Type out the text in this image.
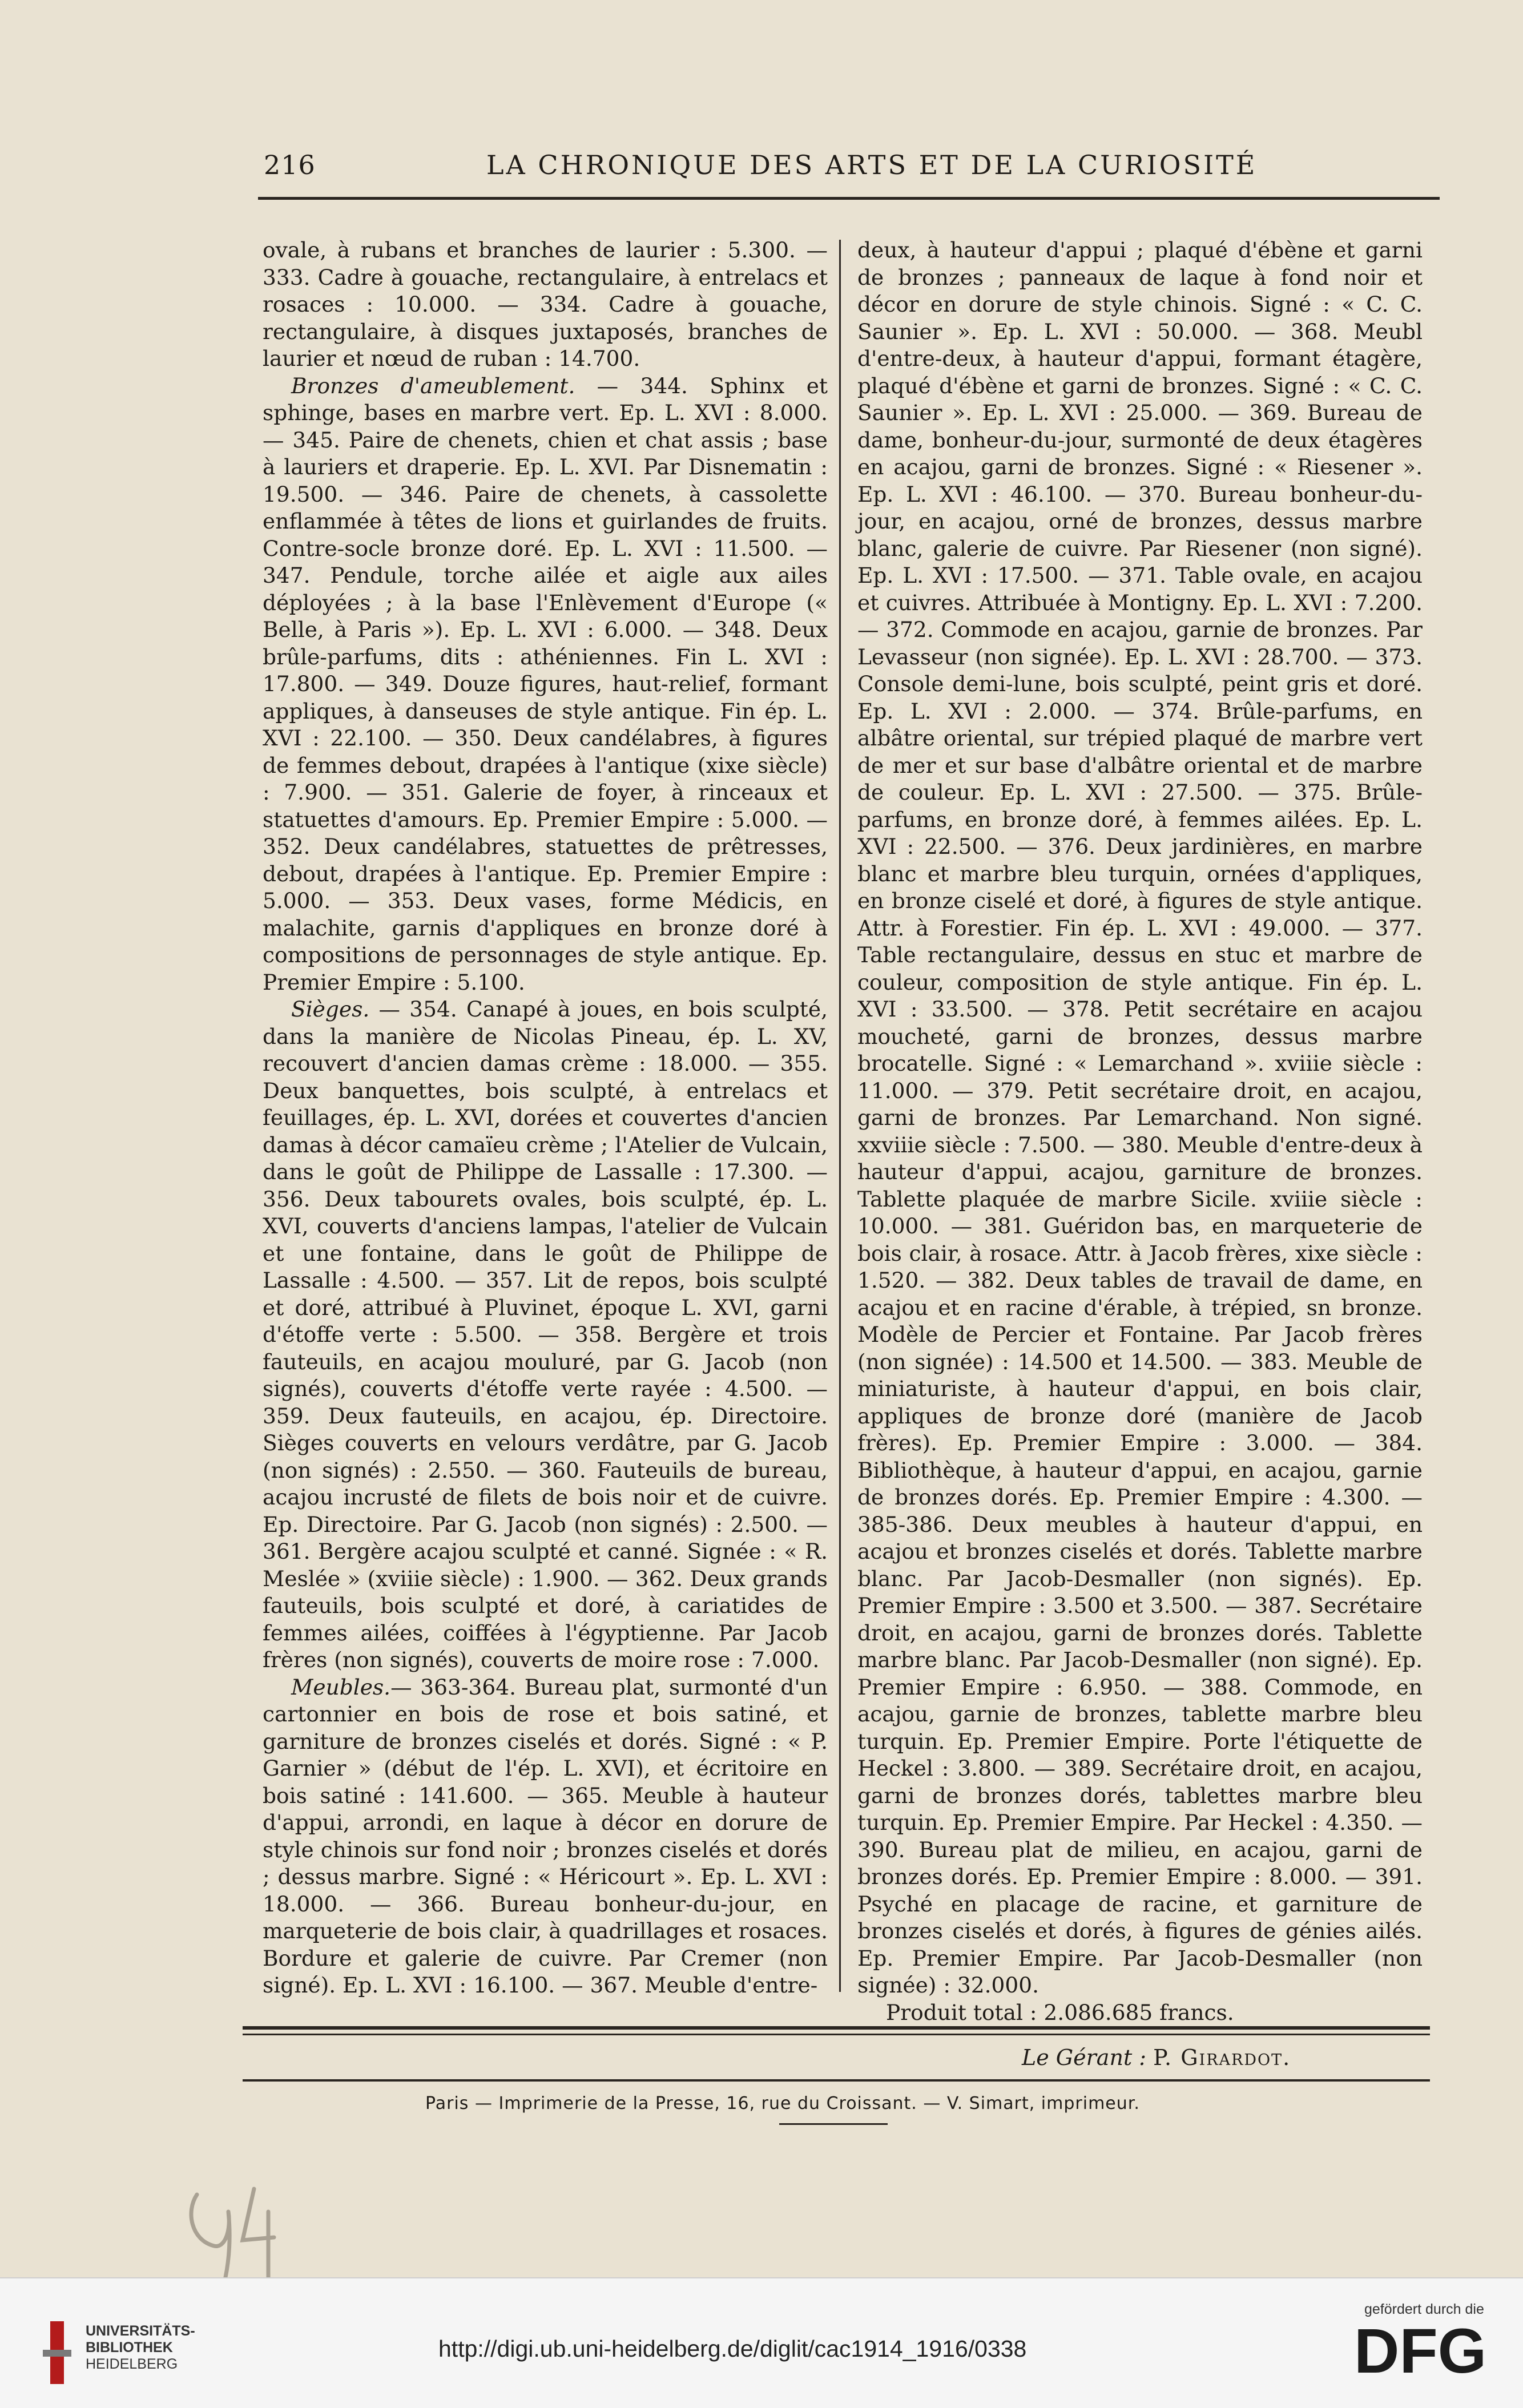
216	LA CHRONIQUE DES ARTS ET DE LA CURIOSITÉ

ovale, à rubans et branches de laurier : 5.300. — 333. Cadre à gouache, rectangulaire, à entrelacs et rosaces : 10.000. — 334. Cadre à gouache, rectangulaire, à disques juxtaposés, branches de laurier et nœud de ruban : 14.700.

Bronzes d'ameublement. — 344. Sphinx et sphinge, bases en marbre vert. Ep. L. XVI : 8.000. — 345. Paire de chenets, chien et chat assis ; base à lauriers et draperie. Ep. L. XVI. Par Disnematin : 19.500. — 346. Paire de chenets, à cassolette enflammée à têtes de lions et guirlandes de fruits. Contre-socle bronze doré. Ep. L. XVI : 11.500. — 347. Pendule, torche ailée et aigle aux ailes déployées ; à la base l'Enlèvement d'Europe (« Belle, à Paris »). Ep. L. XVI : 6.000. — 348. Deux brûle-parfums, dits : athéniennes. Fin L. XVI : 17.800. — 349. Douze figures, haut-relief, formant appliques, à danseuses de style antique. Fin ép. L. XVI : 22.100. — 350. Deux candélabres, à figures de femmes debout, drapées à l'antique (xixe siècle) : 7.900. — 351. Galerie de foyer, à rinceaux et statuettes d'amours. Ep. Premier Empire : 5.000. — 352. Deux candélabres, statuettes de prêtresses, debout, drapées à l'antique. Ep. Premier Empire : 5.000. — 353. Deux vases, forme Médicis, en malachite, garnis d'appliques en bronze doré à compositions de personnages de style antique. Ep. Premier Empire : 5.100.

Sièges. — 354. Canapé à joues, en bois sculpté, dans la manière de Nicolas Pineau, ép. L. XV, recouvert d'ancien damas crème : 18.000. — 355. Deux banquettes, bois sculpté, à entrelacs et feuillages, ép. L. XVI, dorées et couvertes d'ancien damas à décor camaïeu crème ; l'Atelier de Vulcain, dans le goût de Philippe de Lassalle : 17.300. — 356. Deux tabourets ovales, bois sculpté, ép. L. XVI, couverts d'anciens lampas, l'atelier de Vulcain et une fontaine, dans le goût de Philippe de Lassalle : 4.500. — 357. Lit de repos, bois sculpté et doré, attribué à Pluvinet, époque L. XVI, garni d'étoffe verte : 5.500. — 358. Bergère et trois fauteuils, en acajou mouluré, par G. Jacob (non signés), couverts d'étoffe verte rayée : 4.500. — 359. Deux fauteuils, en acajou, ép. Directoire. Sièges couverts en velours verdâtre, par G. Jacob (non signés) : 2.550. — 360. Fauteuils de bureau, acajou incrusté de filets de bois noir et de cuivre. Ep. Directoire. Par G. Jacob (non signés) : 2.500. — 361. Bergère acajou sculpté et canné. Signée : « R. Meslée » (xviiie siècle) : 1.900. — 362. Deux grands fauteuils, bois sculpté et doré, à cariatides de femmes ailées, coiffées à l'égyptienne. Par Jacob frères (non signés), couverts de moire rose : 7.000.

Meubles.— 363-364. Bureau plat, surmonté d'un cartonnier en bois de rose et bois satiné, et garniture de bronzes ciselés et dorés. Signé : « P. Garnier » (début de l'ép. L. XVI), et écritoire en bois satiné : 141.600. — 365. Meuble à hauteur d'appui, arrondi, en laque à décor en dorure de style chinois sur fond noir ; bronzes ciselés et dorés ; dessus marbre. Signé : « Héricourt ». Ep. L. XVI : 18.000. — 366. Bureau bonheur-du-jour, en marqueterie de bois clair, à quadrillages et rosaces. Bordure et galerie de cuivre. Par Cremer (non signé). Ep. L. XVI : 16.100. — 367. Meuble d'entre-

deux, à hauteur d'appui ; plaqué d'ébène et garni de bronzes ; panneaux de laque à fond noir et décor en dorure de style chinois. Signé : « C. C. Saunier ». Ep. L. XVI : 50.000. — 368. Meubl d'entre-deux, à hauteur d'appui, formant étagère, plaqué d'ébène et garni de bronzes. Signé : « C. C. Saunier ». Ep. L. XVI : 25.000. — 369. Bureau de dame, bonheur-du-jour, surmonté de deux étagères en acajou, garni de bronzes. Signé : « Riesener ». Ep. L. XVI : 46.100. — 370. Bureau bonheur-du-jour, en acajou, orné de bronzes, dessus marbre blanc, galerie de cuivre. Par Riesener (non signé). Ep. L. XVI : 17.500. — 371. Table ovale, en acajou et cuivres. Attribuée à Montigny. Ep. L. XVI : 7.200. — 372. Commode en acajou, garnie de bronzes. Par Levasseur (non signée). Ep. L. XVI : 28.700. — 373. Console demi-lune, bois sculpté, peint gris et doré. Ep. L. XVI : 2.000. — 374. Brûle-parfums, en albâtre oriental, sur trépied plaqué de marbre vert de mer et sur base d'albâtre oriental et de marbre de couleur. Ep. L. XVI : 27.500. — 375. Brûle-parfums, en bronze doré, à femmes ailées. Ep. L. XVI : 22.500. — 376. Deux jardinières, en marbre blanc et marbre bleu turquin, ornées d'appliques, en bronze ciselé et doré, à figures de style antique. Attr. à Forestier. Fin ép. L. XVI : 49.000. — 377. Table rectangulaire, dessus en stuc et marbre de couleur, composition de style antique. Fin ép. L. XVI : 33.500. — 378. Petit secrétaire en acajou moucheté, garni de bronzes, dessus marbre brocatelle. Signé : « Lemarchand ». xviiie siècle : 11.000. — 379. Petit secrétaire droit, en acajou, garni de bronzes. Par Lemarchand. Non signé. xxviiie siècle : 7.500. — 380. Meuble d'entre-deux à hauteur d'appui, acajou, garniture de bronzes. Tablette plaquée de marbre Sicile. xviiie siècle : 10.000. — 381. Guéridon bas, en marqueterie de bois clair, à rosace. Attr. à Jacob frères, xixe siècle : 1.520. — 382. Deux tables de travail de dame, en acajou et en racine d'érable, à trépied, sn bronze. Modèle de Percier et Fontaine. Par Jacob frères (non signée) : 14.500 et 14.500. — 383. Meuble de miniaturiste, à hauteur d'appui, en bois clair, appliques de bronze doré (manière de Jacob frères). Ep. Premier Empire : 3.000. — 384. Bibliothèque, à hauteur d'appui, en acajou, garnie de bronzes dorés. Ep. Premier Empire : 4.300. — 385-386. Deux meubles à hauteur d'appui, en acajou et bronzes ciselés et dorés. Tablette marbre blanc. Par Jacob-Desmaller (non signés). Ep. Premier Empire : 3.500 et 3.500. — 387. Secrétaire droit, en acajou, garni de bronzes dorés. Tablette marbre blanc. Par Jacob-Desmaller (non signé). Ep. Premier Empire : 6.950. — 388. Commode, en acajou, garnie de bronzes, tablette marbre bleu turquin. Ep. Premier Empire. Porte l'étiquette de Heckel : 3.800. — 389. Secrétaire droit, en acajou, garni de bronzes dorés, tablettes marbre bleu turquin. Ep. Premier Empire. Par Heckel : 4.350. — 390. Bureau plat de milieu, en acajou, garni de bronzes dorés. Ep. Premier Empire : 8.000. — 391. Psyché en placage de racine, et garniture de bronzes ciselés et dorés, à figures de génies ailés. Ep. Premier Empire. Par Jacob-Desmaller (non signée) : 32.000.

Produit total : 2.086.685 francs.

Le Gérant : P. Girardot.
Paris — Imprimerie de la Presse, 16, rue du Croissant. — V. Simart, imprimeur.
UNIVERSITÄTS-
BIBLIOTHEK
HEIDELBERG
http://digi.ub.uni-heidelberg.de/diglit/cac1914_1916/0338
gefördert durch die
DFG
